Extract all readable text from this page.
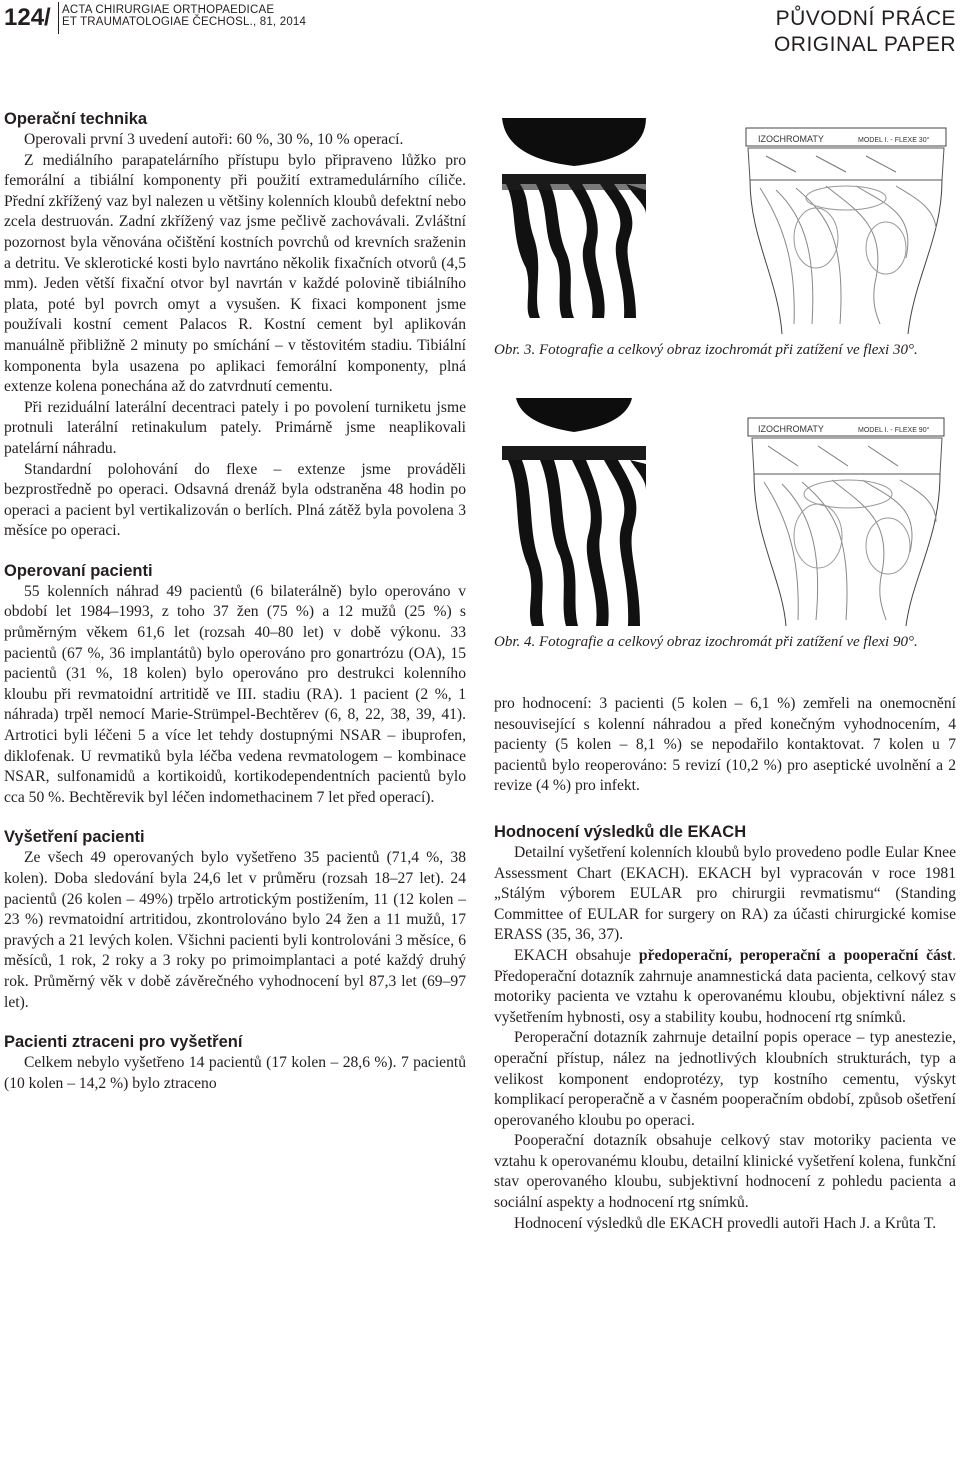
124/ ACTA CHIRURGIAE ORTHOPAEDICAE
ET TRAUMATOLOGIAE ČECHOSL., 81, 2014	PŮVODNÍ PRÁCE
ORIGINAL PAPER
Operační technika

Operovali první 3 uvedení autoři: 60 %, 30 %, 10 % operací.

Z mediálního parapatelárního přístupu bylo připraveno lůžko pro femorální a tibiální komponenty při použití extramedulárního cíliče. Přední zkřížený vaz byl nalezen u většiny kolenních kloubů defektní nebo zcela destruován. Zadní zkřížený vaz jsme pečlivě zachovávali. Zvláštní pozornost byla věnována očištění kostních povrchů od krevních sraženin a detritu. Ve sklerotické kosti bylo navrtáno několik fixačních otvorů (4,5 mm). Jeden větší fixační otvor byl navrtán v každé polovině tibiálního plata, poté byl povrch omyt a vysušen. K fixaci komponent jsme používali kostní cement Palacos R. Kostní cement byl aplikován manuálně přibližně 2 minuty po smíchání – v těstovitém stadiu. Tibiální komponenta byla usazena po aplikaci femorální komponenty, plná extenze kolena ponechána až do zatvrdnutí cementu.

Při reziduální laterální decentraci pately i po povolení turniketu jsme protnuli laterální retinakulum pately. Primárně jsme neaplikovali patelární náhradu.

Standardní polohování do flexe – extenze jsme prováděli bezprostředně po operaci. Odsavná drenáž byla odstraněna 48 hodin po operaci a pacient byl vertikalizován o berlích. Plná zátěž byla povolena 3 měsíce po operaci.

Operovaní pacienti

55 kolenních náhrad 49 pacientů (6 bilaterálně) bylo operováno v období let 1984–1993, z toho 37 žen (75 %) a 12 mužů (25 %) s průměrným věkem 61,6 let (rozsah 40–80 let) v době výkonu. 33 pacientů (67 %, 36 implantátů) bylo operováno pro gonartrózu (OA), 15 pacientů (31 %, 18 kolen) bylo operováno pro destrukci kolenního kloubu při revmatoidní artritidě ve III. stadiu (RA). 1 pacient (2 %, 1 náhrada) trpěl nemocí Marie-Strümpel-Bechtěrev (6, 8, 22, 38, 39, 41). Artrotici byli léčeni 5 a více let tehdy dostupnými NSAR – ibuprofen, diklofenak. U revmatiků byla léčba vedena revmatologem – kombinace NSAR, sulfonamidů a kortikoidů, kortikodependentních pacientů bylo cca 50 %. Bechtěrevik byl léčen indomethacinem 7 let před operací).

Vyšetření pacienti

Ze všech 49 operovaných bylo vyšetřeno 35 pacientů (71,4 %, 38 kolen). Doba sledování byla 24,6 let v průměru (rozsah 18–27 let). 24 pacientů (26 kolen – 49%) trpělo artrotickým postižením, 11 (12 kolen – 23 %) revmatoidní artritidou, zkontrolováno bylo 24 žen a 11 mužů, 17 pravých a 21 levých kolen. Všichni pacienti byli kontrolováni 3 měsíce, 6 měsíců, 1 rok, 2 roky a 3 roky po primoimplantaci a poté každý druhý rok. Průměrný věk v době závěrečného vyhodnocení byl 87,3 let (69–97 let).

Pacienti ztraceni pro vyšetření

Celkem nebylo vyšetřeno 14 pacientů (17 kolen – 28,6 %). 7 pacientů (10 kolen – 14,2 %) bylo ztraceno

IZOCHROMATY	MODEL I. - FLEXE 30°
Obr. 3. Fotografie a celkový obraz izochromát při zatížení ve flexi 30°.
IZOCHROMATY	MODEL I. - FLEXE 90°
Obr. 4. Fotografie a celkový obraz izochromát při zatížení ve flexi 90°.

pro hodnocení: 3 pacienti (5 kolen – 6,1 %) zemřeli na onemocnění nesouvisející s kolenní náhradou a před konečným vyhodnocením, 4 pacienty (5 kolen – 8,1 %) se nepodařilo kontaktovat. 7 kolen u 7 pacientů bylo reoperováno: 5 revizí (10,2 %) pro aseptické uvolnění a 2 revize (4 %) pro infekt.

Hodnocení výsledků dle EKACH

Detailní vyšetření kolenních kloubů bylo provedeno podle Eular Knee Assessment Chart (EKACH). EKACH byl vypracován v roce 1981 „Stálým výborem EULAR pro chirurgii revmatismu“ (Standing Committee of EULAR for surgery on RA) za účasti chirurgické komise ERASS (35, 36, 37).

EKACH obsahuje předoperační, peroperační a pooperační část. Předoperační dotazník zahrnuje anamnestická data pacienta, celkový stav motoriky pacienta ve vztahu k operovanému kloubu, objektivní nález s vyšetřením hybnosti, osy a stability koubu, hodnocení rtg snímků.

Peroperační dotazník zahrnuje detailní popis operace – typ anestezie, operační přístup, nález na jednotlivých kloubních strukturách, typ a velikost komponent endoprotézy, typ kostního cementu, výskyt komplikací peroperačně a v časném pooperačním období, způsob ošetření operovaného kloubu po operaci.

Pooperační dotazník obsahuje celkový stav motoriky pacienta ve vztahu k operovanému kloubu, detailní klinické vyšetření kolena, funkční stav operovaného kloubu, subjektivní hodnocení z pohledu pacienta a sociální aspekty a hodnocení rtg snímků.

Hodnocení výsledků dle EKACH provedli autoři Hach J. a Krůta T.
